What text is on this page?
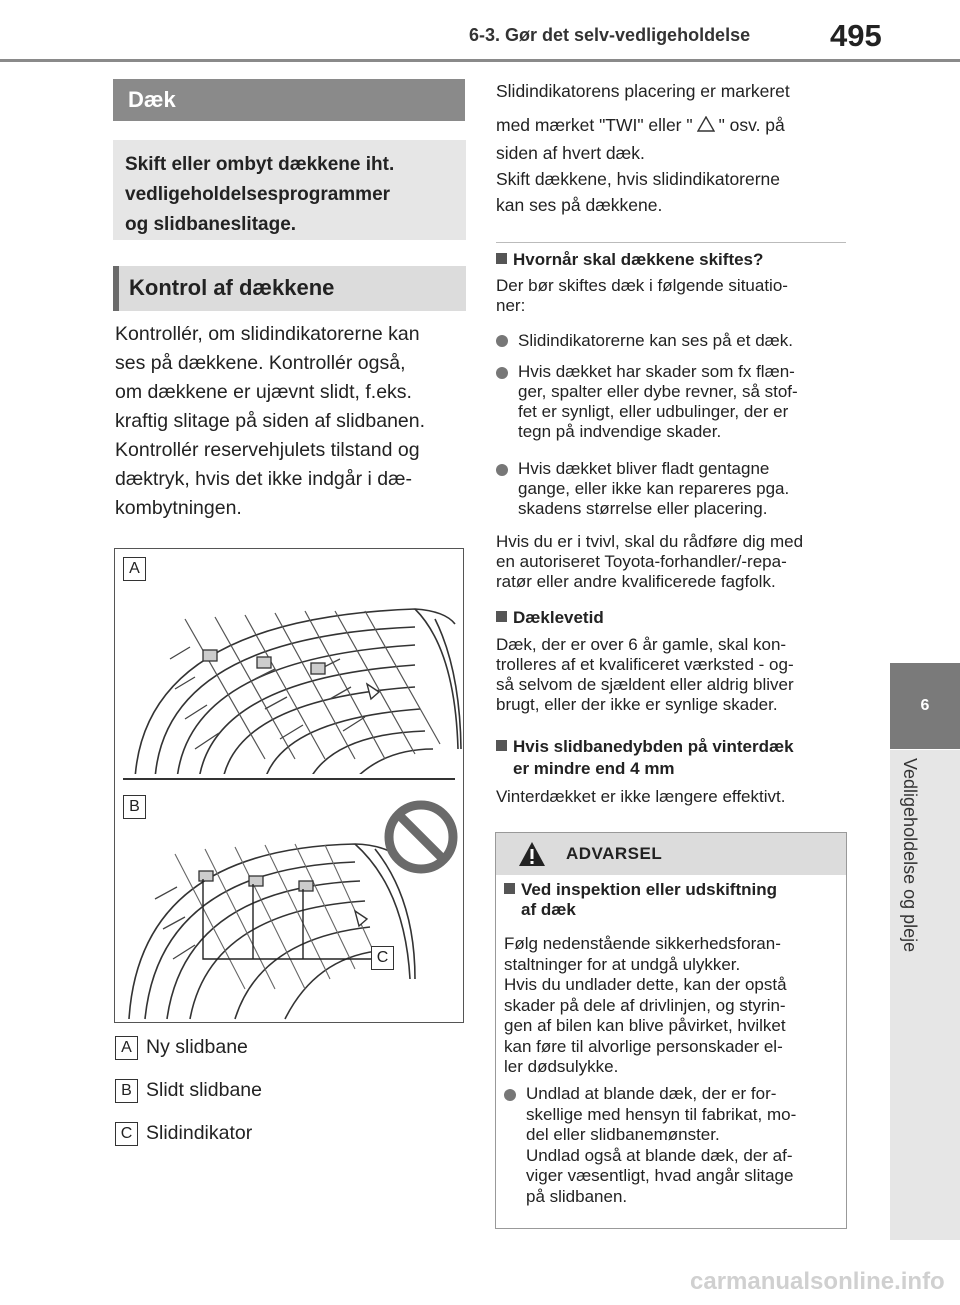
6-3. Gør det selv-vedligeholdelse	495
6
Vedligeholdelse og pleje
Dæk
Skift eller ombyt dækkene iht.
vedligeholdelsesprogrammer
og slidbaneslitage.
Kontrol af dækkene
Kontrollér, om slidindikatorerne kan
ses på dækkene. Kontrollér også,
om dækkene er ujævnt slidt, f.eks.
kraftig slitage på siden af slidbanen.
Kontrollér reservehjulets tilstand og
dæktryk, hvis det ikke indgår i dæ-
kombytningen.
A
B
C
A Ny slidbane
B Slidt slidbane
C Slidindikator
Slidindikatorens placering er markeret
med mærket "TWI" eller " " osv. på
siden af hvert dæk.
Skift dækkene, hvis slidindikatorerne
kan ses på dækkene.
Hvornår skal dækkene skiftes?
Der bør skiftes dæk i følgende situatio-
ner:
Slidindikatorerne kan ses på et dæk.
Hvis dækket har skader som fx flæn-
ger, spalter eller dybe revner, så stof-
fet er synligt, eller udbulinger, der er
tegn på indvendige skader.
Hvis dækket bliver fladt gentagne
gange, eller ikke kan repareres pga.
skadens størrelse eller placering.
Hvis du er i tvivl, skal du rådføre dig med
en autoriseret Toyota-forhandler/-repa-
ratør eller andre kvalificerede fagfolk.
Dæklevetid
Dæk, der er over 6 år gamle, skal kon-
trolleres af et kvalificeret værksted - og-
så selvom de sjældent eller aldrig bliver
brugt, eller der ikke er synlige skader.
Hvis slidbanedybden på vinterdæk
er mindre end 4 mm
Vinterdækket er ikke længere effektivt.
ADVARSEL
Ved inspektion eller udskiftning
af dæk
Følg nedenstående sikkerhedsforan-
staltninger for at undgå ulykker.
Hvis du undlader dette, kan der opstå
skader på dele af drivlinjen, og styrin-
gen af bilen kan blive påvirket, hvilket
kan føre til alvorlige personskader el-
ler dødsulykke.
Undlad at blande dæk, der er for-
skellige med hensyn til fabrikat, mo-
del eller slidbanemønster.
Undlad også at blande dæk, der af-
viger væsentligt, hvad angår slitage
på slidbanen.
carmanualsonline.info
